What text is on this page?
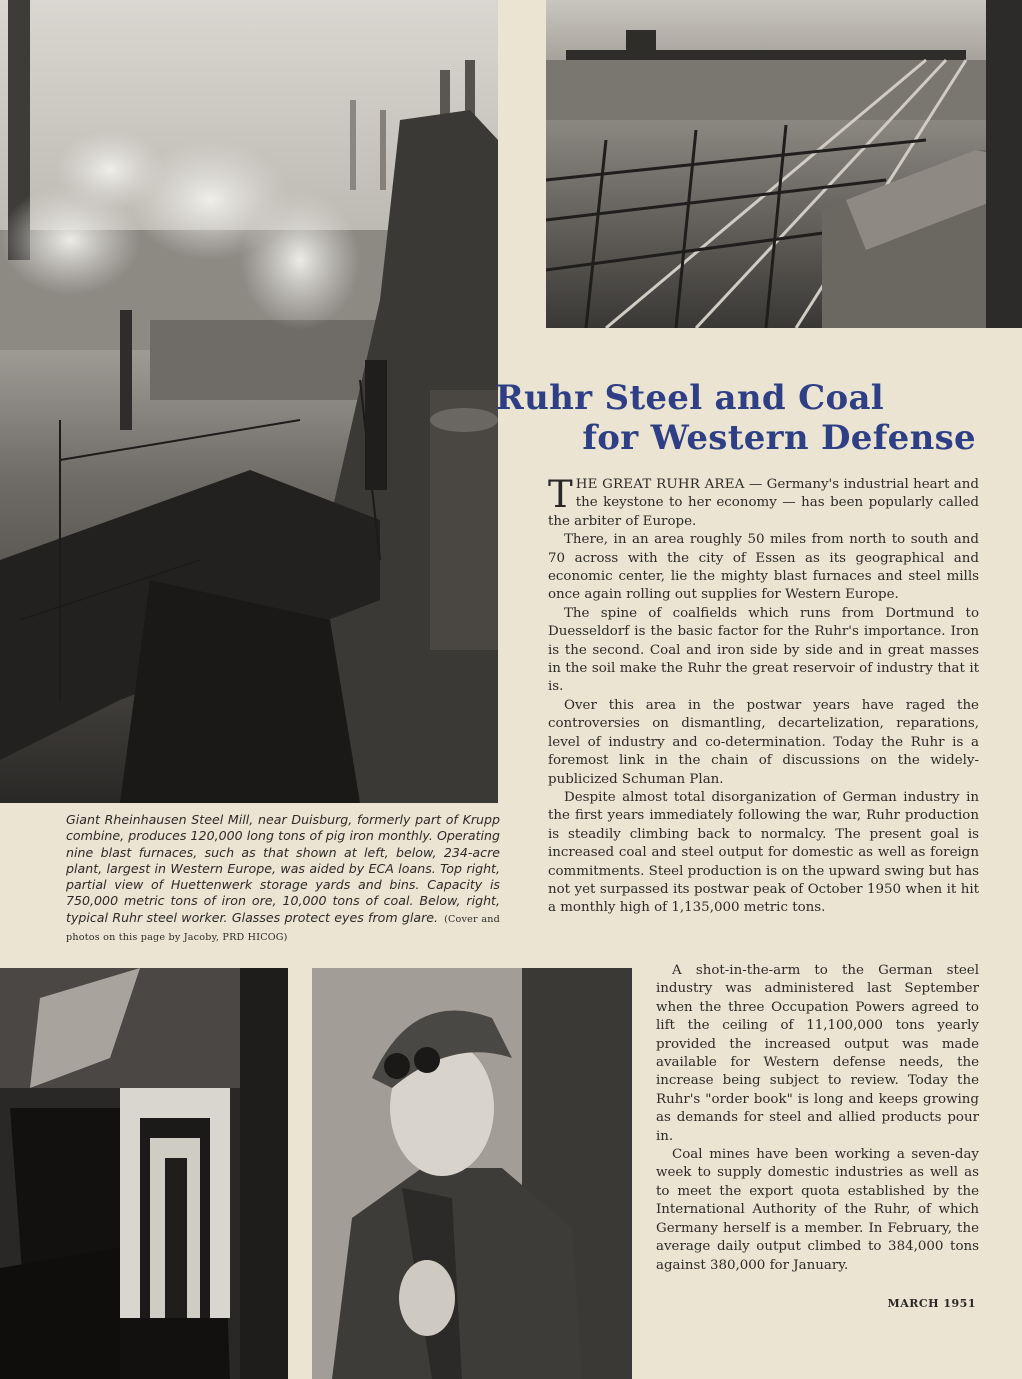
Ruhr Steel and Coal
for Western Defense

THE GREAT RUHR AREA — Germany's industrial heart and the keystone to her economy — has been popularly called the arbiter of Europe.

There, in an area roughly 50 miles from north to south and 70 across with the city of Essen as its geographical and economic center, lie the mighty blast furnaces and steel mills once again rolling out supplies for Western Europe.

The spine of coalfields which runs from Dortmund to Duesseldorf is the basic factor for the Ruhr's importance. Iron is the second. Coal and iron side by side and in great masses in the soil make the Ruhr the great reservoir of industry that it is.

Over this area in the postwar years have raged the controversies on dismantling, decartelization, reparations, level of industry and co-determination. Today the Ruhr is a foremost link in the chain of discussions on the widely-publicized Schuman Plan.

Despite almost total disorganization of German industry in the first years immediately following the war, Ruhr production is steadily climbing back to normalcy. The present goal is increased coal and steel output for domestic as well as foreign commitments. Steel production is on the upward swing but has not yet surpassed its postwar peak of October 1950 when it hit a monthly high of 1,135,000 metric tons.

A shot-in-the-arm to the German steel industry was administered last September when the three Occupation Powers agreed to lift the ceiling of 11,100,000 tons yearly provided the increased output was made available for Western defense needs, the increase being subject to review. Today the Ruhr's "order book" is long and keeps growing as demands for steel and allied products pour in.

Coal mines have been working a seven-day week to supply domestic industries as well as to meet the export quota established by the International Authority of the Ruhr, of which Germany herself is a member. In February, the average daily output climbed to 384,000 tons against 380,000 for January.

Giant Rheinhausen Steel Mill, near Duisburg, formerly part of Krupp combine, produces 120,000 long tons of pig iron monthly. Operating nine blast furnaces, such as that shown at left, below, 234-acre plant, largest in Western Europe, was aided by ECA loans. Top right, partial view of Huettenwerk storage yards and bins. Capacity is 750,000 metric tons of iron ore, 10,000 tons of coal. Below, right, typical Ruhr steel worker. Glasses protect eyes from glare. (Cover and photos on this page by Jacoby, PRD HICOG)
MARCH 1951
